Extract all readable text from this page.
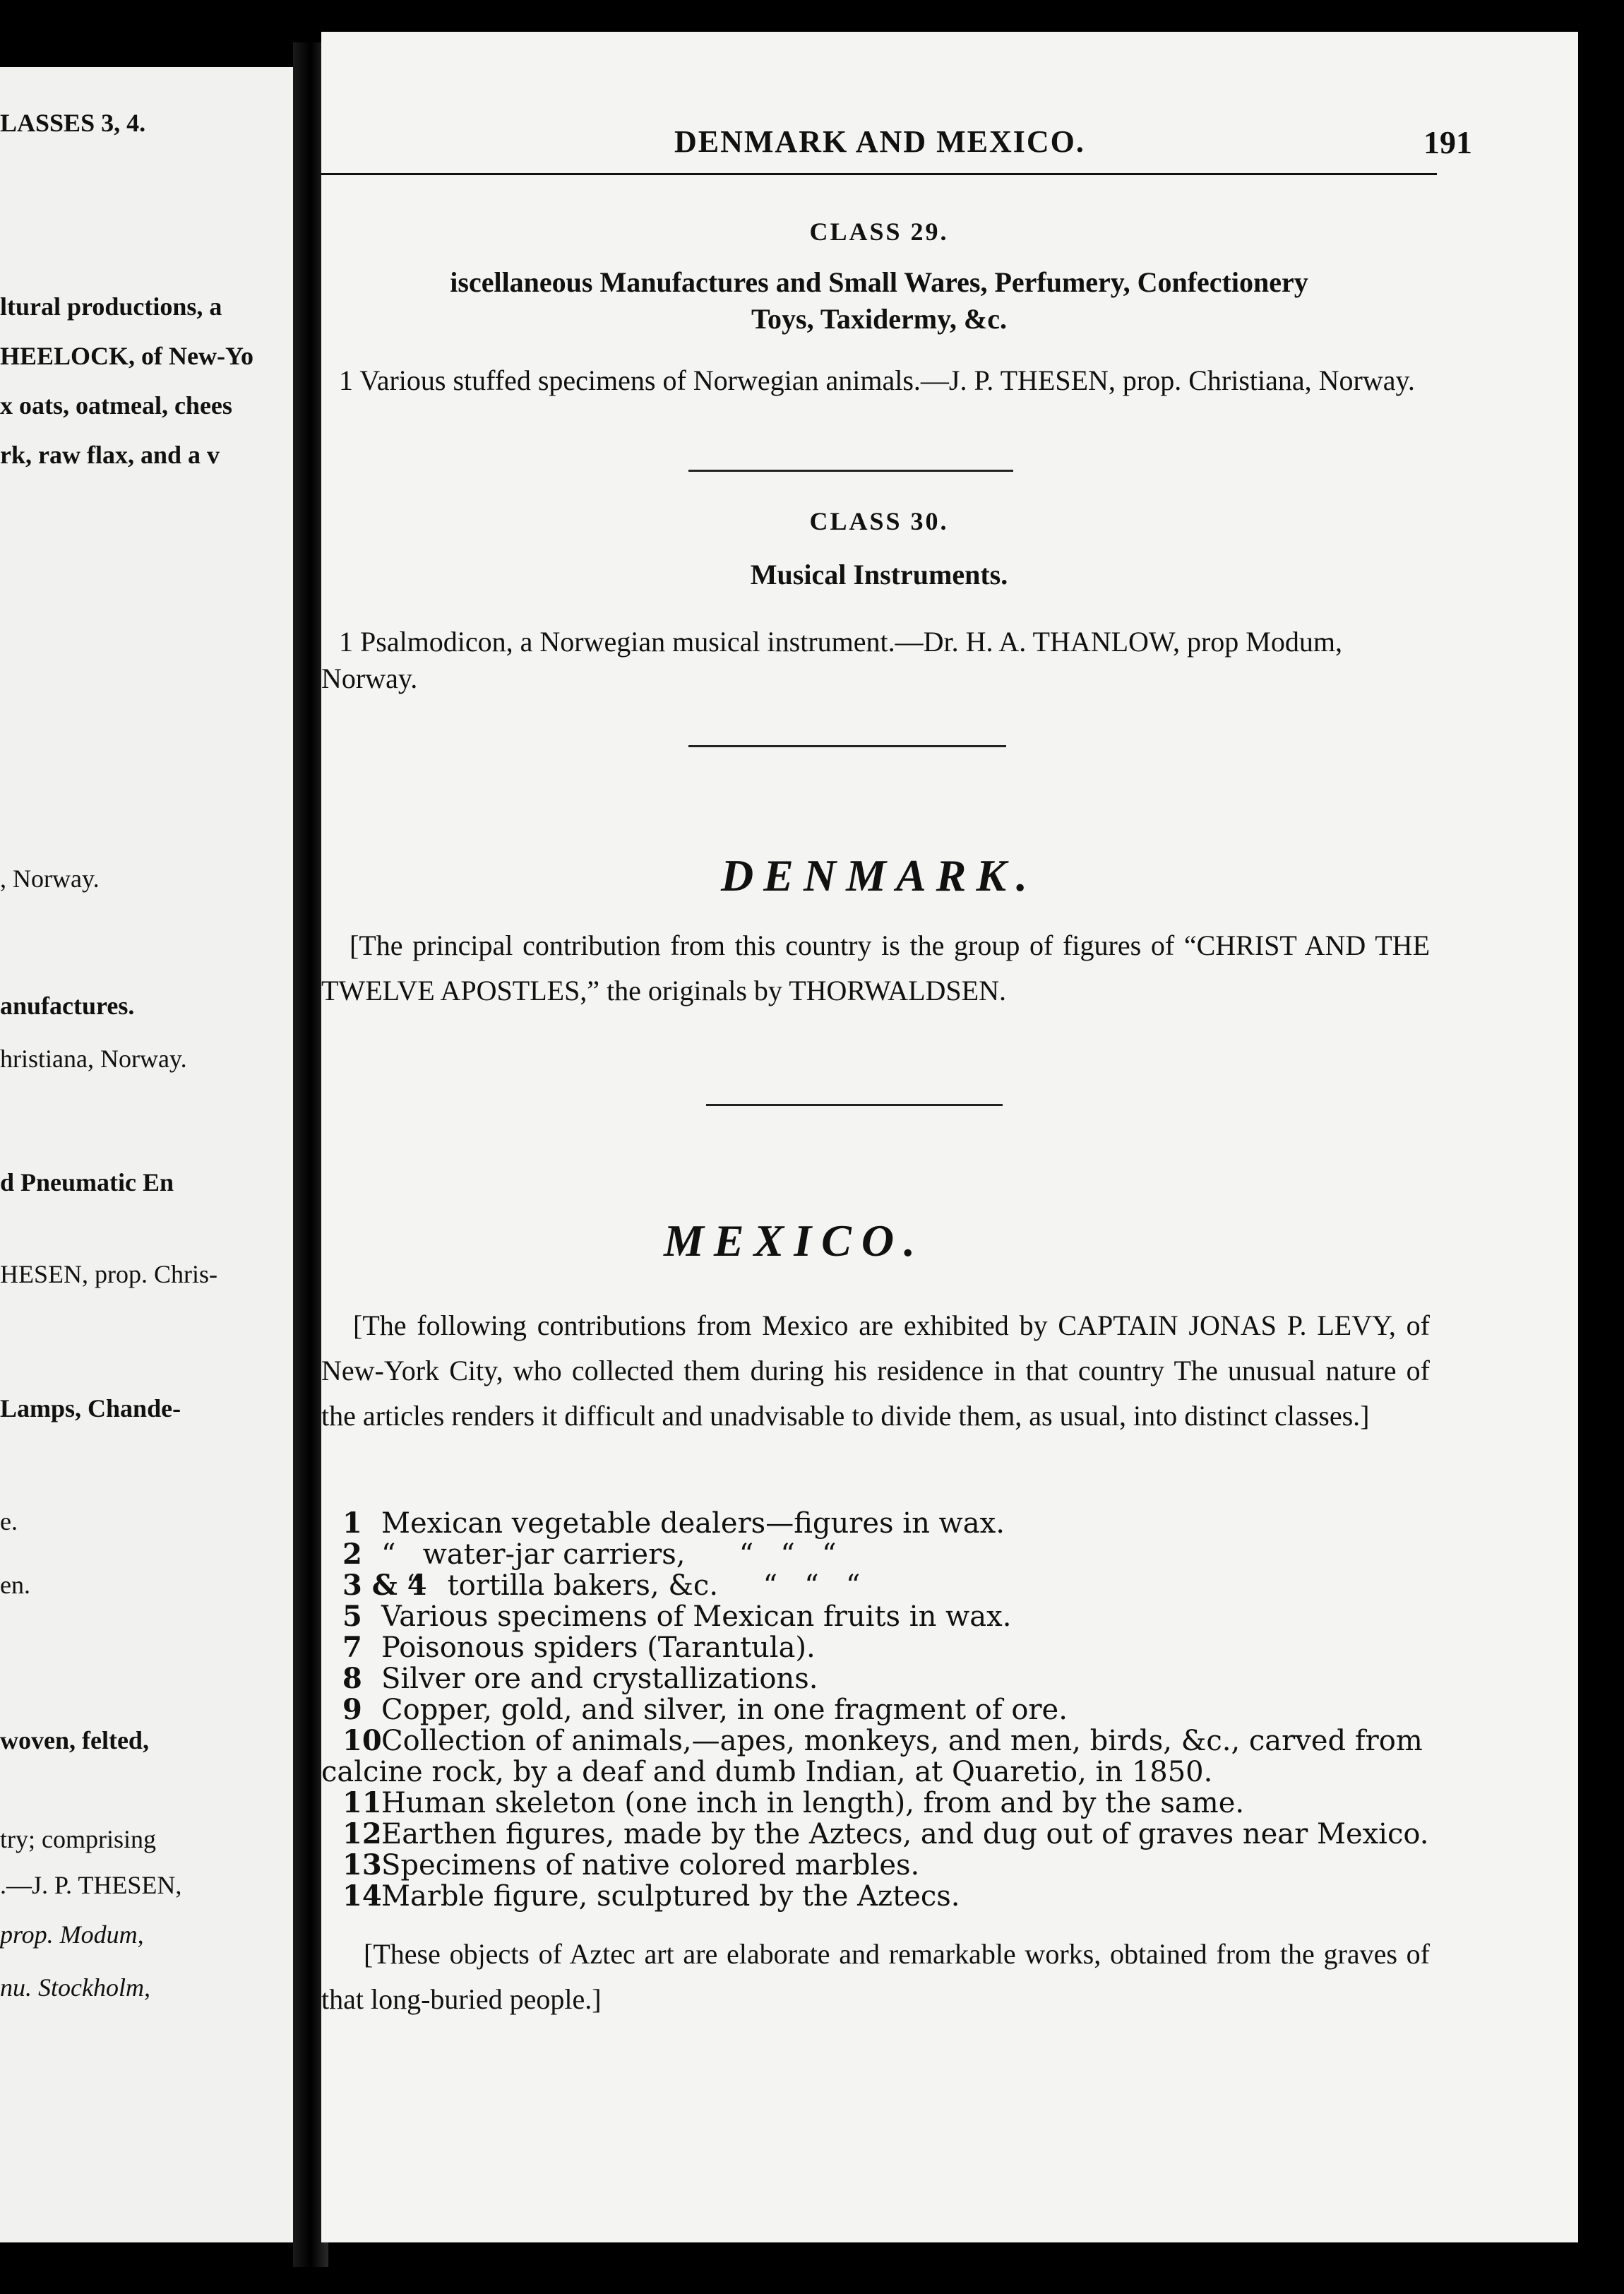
LASSES 3, 4.
ltural productions, a
HEELOCK, of New-Yo
x oats, oatmeal, chees
rk, raw flax, and a v
, Norway.
anufactures.
hristiana, Norway.
d Pneumatic En
HESEN, prop. Chris-
Lamps, Chande-
e.
en.
woven, felted,
try; comprising
.—J. P. THESEN,
prop. Modum,
nu. Stockholm,
DENMARK AND MEXICO.	191
CLASS 29.
iscellaneous Manufactures and Small Wares, Perfumery, Confectionery
Toys, Taxidermy, &c.
1 Various stuffed specimens of Norwegian animals.—J. P. THESEN, prop. Christiana, Norway.
CLASS 30.
Musical Instruments.
1 Psalmodicon, a Norwegian musical instrument.—Dr. H. A. THANLOW, prop Modum, Norway.
DENMARK.
[The principal contribution from this country is the group of figures of “CHRIST AND THE TWELVE APOSTLES,” the originals by THORWALDSEN.
MEXICO.
[The following contributions from Mexico are exhibited by CAPTAIN JONAS P. LEVY, of New-York City, who collected them during his residence in that country The unusual nature of the articles renders it difficult and unadvisable to divide them, as usual, into distinct classes.]
1 Mexican vegetable dealers—figures in wax.
2 “   water-jar carriers,      “   “   “
3 & 4“   tortilla bakers, &c.     “   “   “
5 Various specimens of Mexican fruits in wax.
7 Poisonous spiders (Tarantula).
8 Silver ore and crystallizations.
9 Copper, gold, and silver, in one fragment of ore.
10Collection of animals,—apes, monkeys, and men, birds, &c., carved from
calcine rock, by a deaf and dumb Indian, at Quaretio, in 1850.
11Human skeleton (one inch in length), from and by the same.
12Earthen figures, made by the Aztecs, and dug out of graves near Mexico.
13Specimens of native colored marbles.
14Marble figure, sculptured by the Aztecs.
[These objects of Aztec art are elaborate and remarkable works, obtained from the graves of that long-buried people.]
